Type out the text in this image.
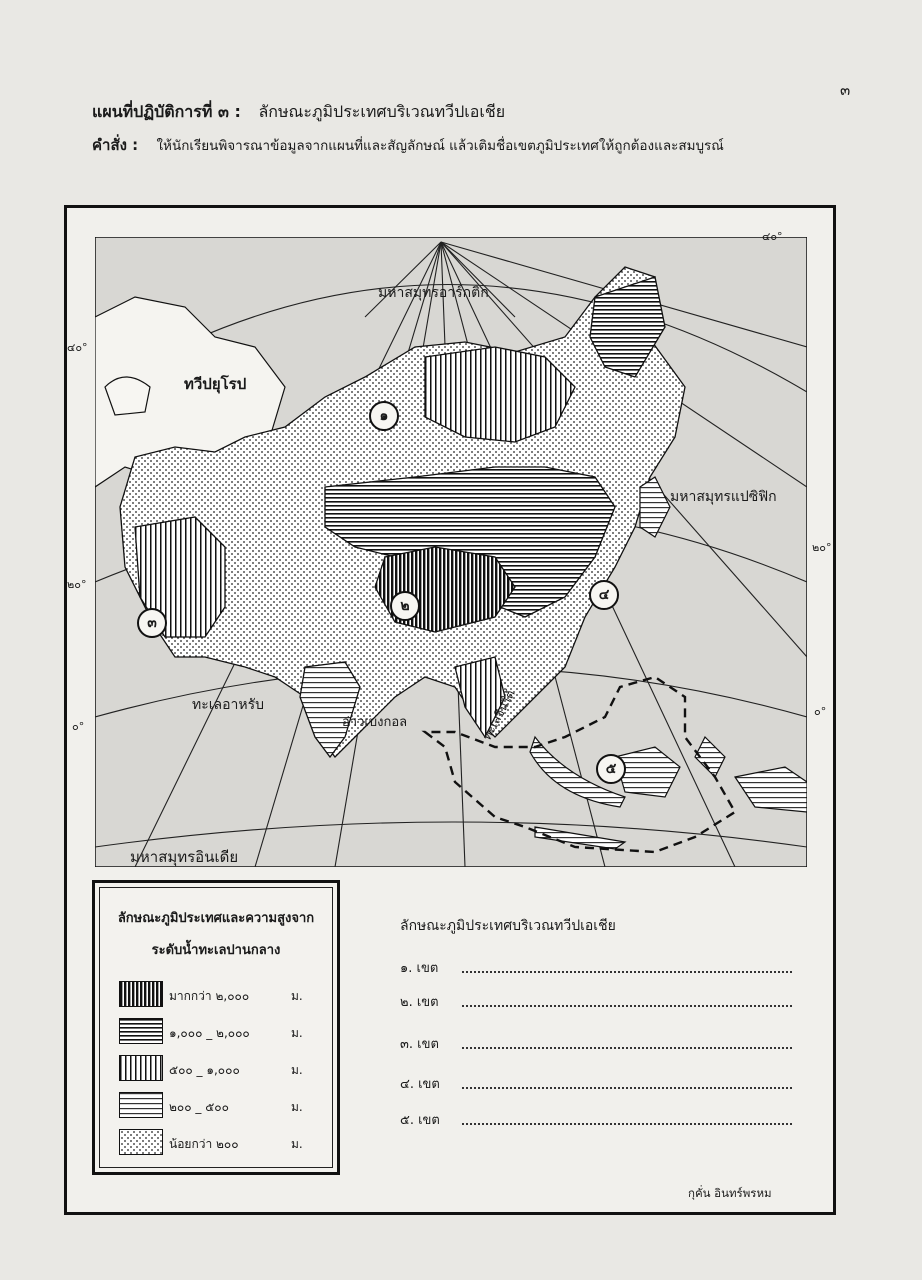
๓
แผนที่ปฏิบัติการที่ ๓ : ลักษณะภูมิประเทศบริเวณทวีปเอเชีย
คำสั่ง : ให้นักเรียนพิจารณาข้อมูลจากแผนที่และสัญลักษณ์ แล้วเติมชื่อเขตภูมิประเทศให้ถูกต้องและสมบูรณ์
มหาสมุทรอาร์กติก
ทวีปยุโรป
มหาสมุทรแปซิฟิก
ทะเลอาหรับ
อ่าวเบงกอล	ทะเลจีนใต้
มหาสมุทรอินเดีย
๔๐°
๒๐°
๐°
๔๐°
๒๐°
๐°
๑
๒
๓
๔
๕
ลักษณะภูมิประเทศและความสูงจาก
ระดับน้ำทะเลปานกลาง
มากกว่า ๒,๐๐๐	ม.
๑,๐๐๐ _ ๒,๐๐๐	ม.
๕๐๐ _ ๑,๐๐๐	ม.
๒๐๐ _ ๕๐๐	ม.
น้อยกว่า ๒๐๐	ม.
ลักษณะภูมิประเทศบริเวณทวีปเอเชีย
๑. เขต
๒. เขต
๓. เขต
๔. เขต
๕. เขต
กุคั่น อินทร์พรหม
